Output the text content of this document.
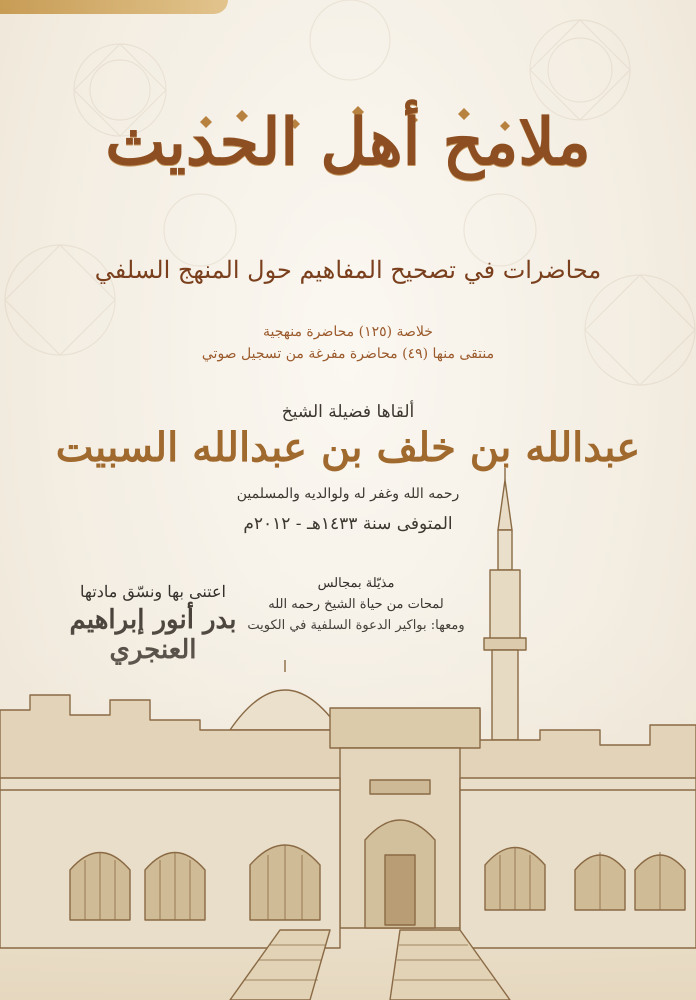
ملامح أهل الحديث
محاضرات في تصحيح المفاهيم حول المنهج السلفي
خلاصة (١٢٥) محاضرة منهجية
منتقى منها (٤٩) محاضرة مفرغة من تسجيل صوتي
ألقاها فضيلة الشيخ
عبدالله بن خلف بن عبدالله السبيت
رحمه الله وغفر له ولوالديه والمسلمين
المتوفى سنة ١٤٣٣هـ - ٢٠١٢م
